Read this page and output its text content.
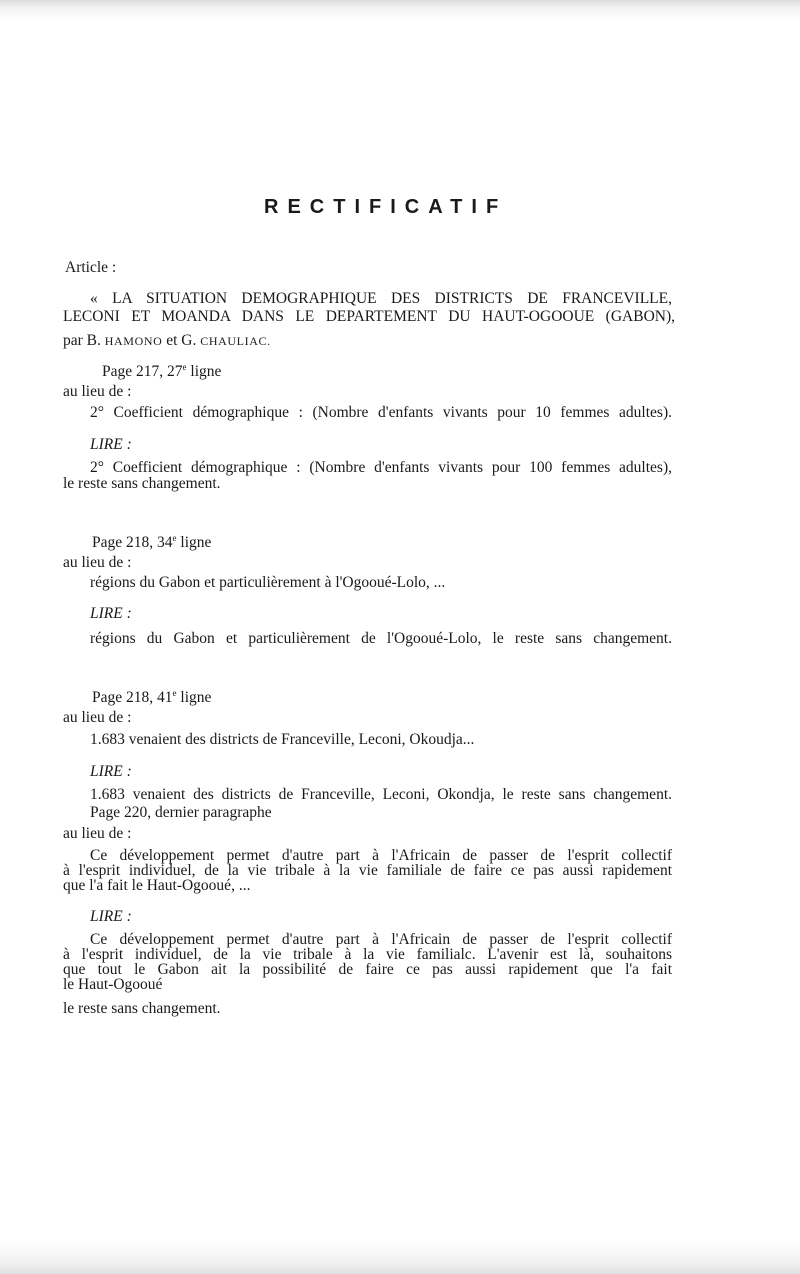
RECTIFICATIF
Article :
« LA SITUATION DEMOGRAPHIQUE DES DISTRICTS DE FRANCEVILLE,
LECONI ET MOANDA DANS LE DEPARTEMENT DU HAUT-OGOOUE (GABON),
par B. HAMONO et G. CHAULIAC.
Page 217, 27e ligne
au lieu de :
2° Coefficient démographique : (Nombre d'enfants vivants pour 10 femmes adultes).
LIRE :
2° Coefficient démographique : (Nombre d'enfants vivants pour 100 femmes adultes),
le reste sans changement.
Page 218, 34e ligne
au lieu de :
régions du Gabon et particulièrement à l'Ogooué-Lolo, ...
LIRE :
régions du Gabon et particulièrement de l'Ogooué-Lolo, le reste sans changement.
Page 218, 41e ligne
au lieu de :
1.683 venaient des districts de Franceville, Leconi, Okoudja...
LIRE :
1.683 venaient des districts de Franceville, Leconi, Okondja, le reste sans changement.
Page 220, dernier paragraphe
au lieu de :
Ce développement permet d'autre part à l'Africain de passer de l'esprit collectif
à l'esprit individuel, de la vie tribale à la vie familiale de faire ce pas aussi rapidement
que l'a fait le Haut-Ogooué, ...
LIRE :
Ce développement permet d'autre part à l'Africain de passer de l'esprit collectif
à l'esprit individuel, de la vie tribale à la vie familialc. L'avenir est là, souhaitons
que tout le Gabon ait la possibilité de faire ce pas aussi rapidement que l'a fait
le Haut-Ogooué
le reste sans changement.
